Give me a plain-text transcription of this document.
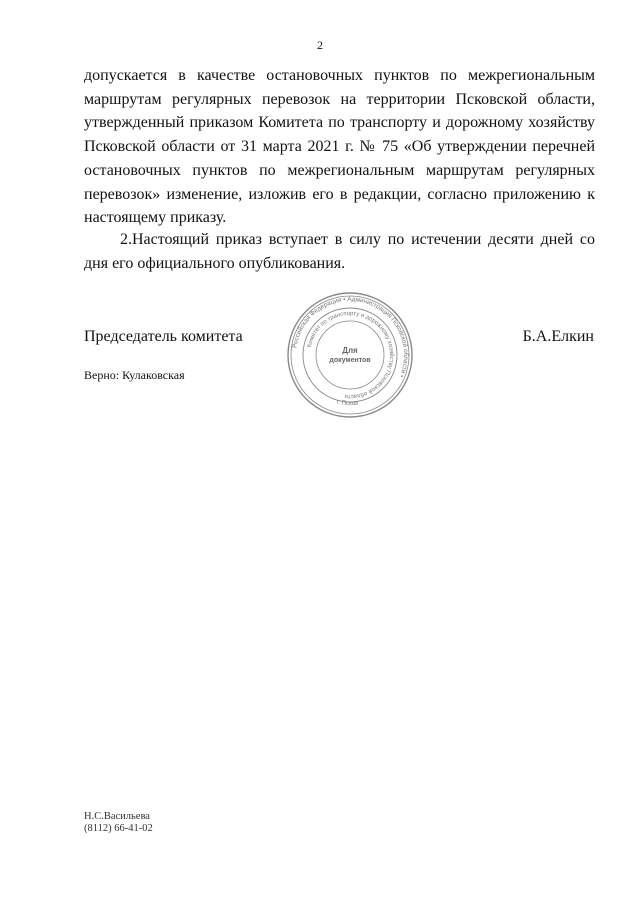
2

допускается в качестве остановочных пунктов по межрегиональным маршрутам регулярных перевозок на территории Псковской области, утвержденный приказом Комитета по транспорту и дорожному хозяйству Псковской области от 31 марта 2021 г. № 75 «Об утверждении перечней остановочных пунктов по межрегиональным маршрутам регулярных перевозок» изменение, изложив его в редакции, согласно приложению к настоящему приказу.

2.Настоящий приказ вступает в силу по истечении десяти дней со дня его официального опубликования.

Председатель комитета
Российская Федерация • Администрация Псковской области •
Комитет по транспорту и дорожному хозяйству Псковской области
г. Псков
Для
документов
Б.А.Елкин
Верно: Кулаковская
Н.С.Васильева
(8112) 66-41-02
